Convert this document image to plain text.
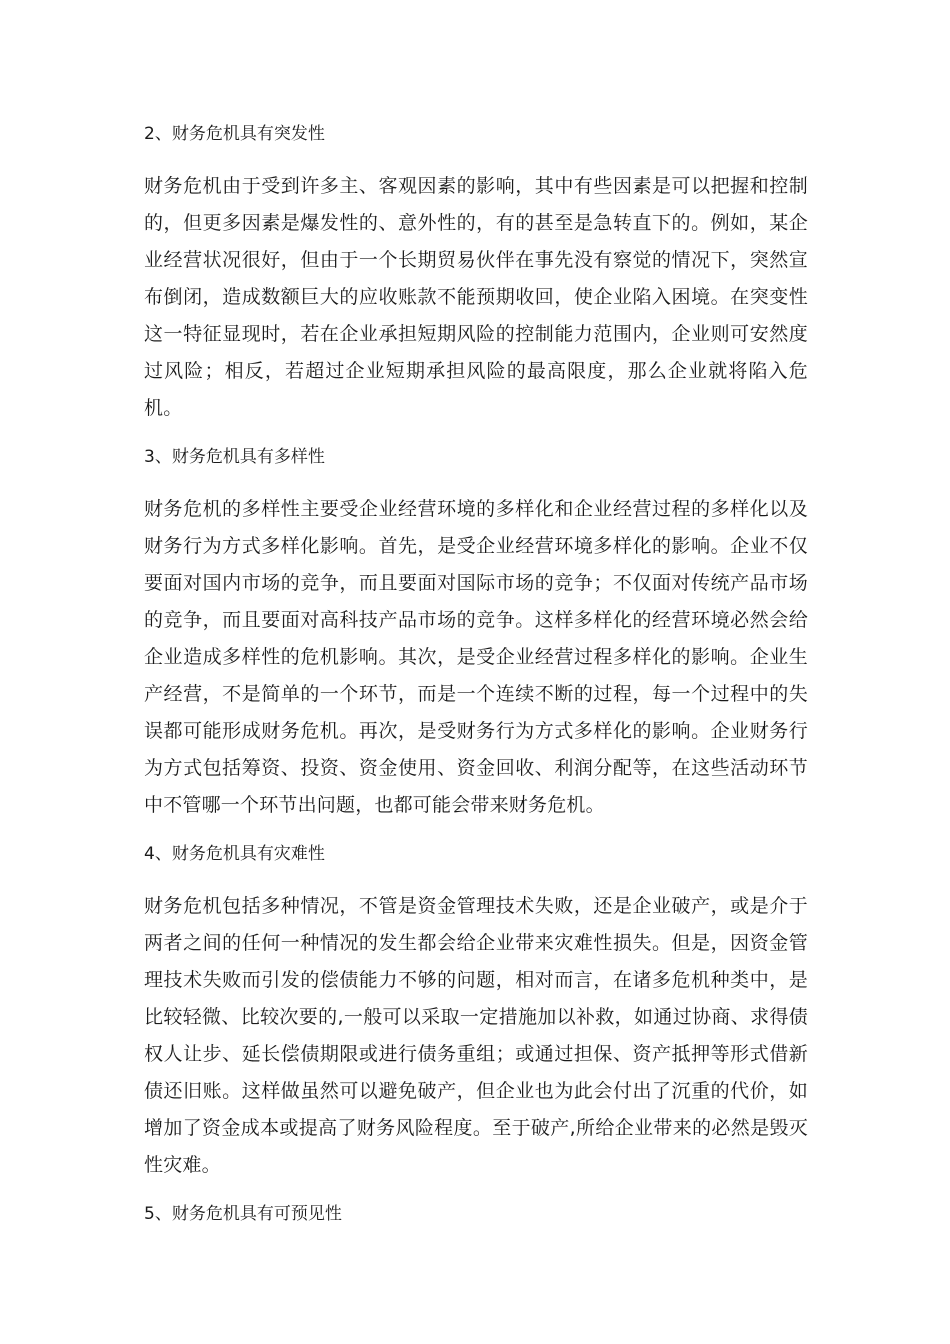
2、财务危机具有突发性

财务危机由于受到许多主、客观因素的影响，其中有些因素是可以把握和控制的，但更多因素是爆发性的、意外性的，有的甚至是急转直下的。例如，某企业经营状况很好，但由于一个长期贸易伙伴在事先没有察觉的情况下，突然宣布倒闭，造成数额巨大的应收账款不能预期收回，使企业陷入困境。在突变性这一特征显现时，若在企业承担短期风险的控制能力范围内，企业则可安然度过风险；相反，若超过企业短期承担风险的最高限度，那么企业就将陷入危机。

3、财务危机具有多样性

财务危机的多样性主要受企业经营环境的多样化和企业经营过程的多样化以及财务行为方式多样化影响。首先，是受企业经营环境多样化的影响。企业不仅要面对国内市场的竞争，而且要面对国际市场的竞争；不仅面对传统产品市场的竞争，而且要面对高科技产品市场的竞争。这样多样化的经营环境必然会给企业造成多样性的危机影响。其次，是受企业经营过程多样化的影响。企业生产经营，不是简单的一个环节，而是一个连续不断的过程，每一个过程中的失误都可能形成财务危机。再次，是受财务行为方式多样化的影响。企业财务行为方式包括筹资、投资、资金使用、资金回收、利润分配等，在这些活动环节中不管哪一个环节出问题，也都可能会带来财务危机。

4、财务危机具有灾难性

财务危机包括多种情况，不管是资金管理技术失败，还是企业破产，或是介于两者之间的任何一种情况的发生都会给企业带来灾难性损失。但是，因资金管理技术失败而引发的偿债能力不够的问题，相对而言，在诸多危机种类中，是比较轻微、比较次要的,一般可以采取一定措施加以补救，如通过协商、求得债权人让步、延长偿债期限或进行债务重组；或通过担保、资产抵押等形式借新债还旧账。这样做虽然可以避免破产，但企业也为此会付出了沉重的代价，如增加了资金成本或提高了财务风险程度。至于破产,所给企业带来的必然是毁灭性灾难。

5、财务危机具有可预见性
